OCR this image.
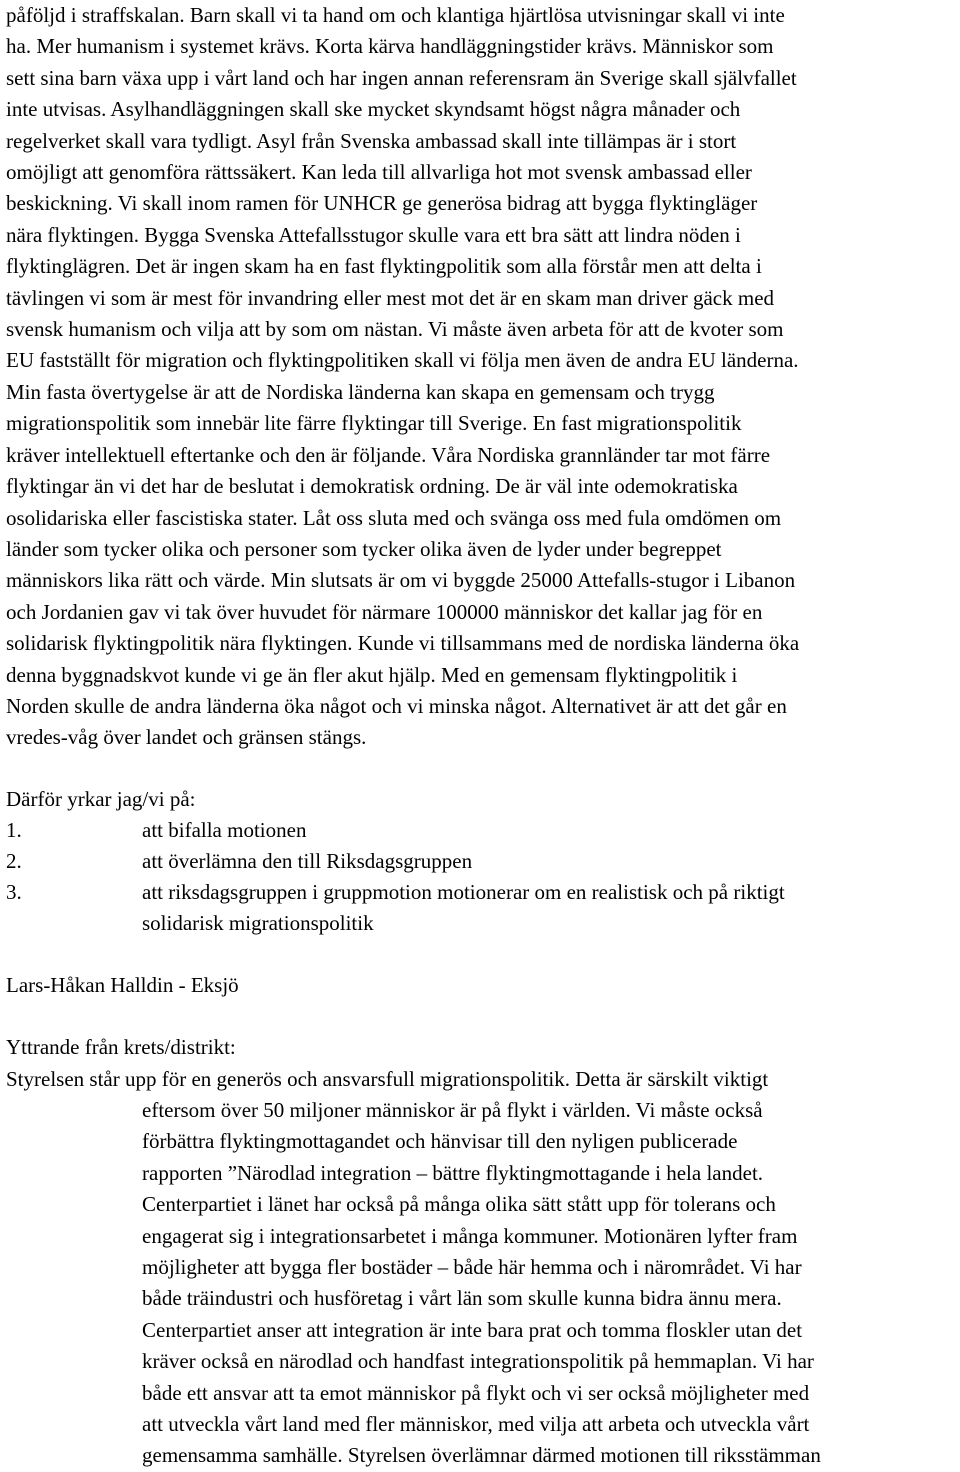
påföljd i straffskalan. Barn skall vi ta hand om och klantiga hjärtlösa utvisningar skall vi inte
ha. Mer humanism i systemet krävs. Korta kärva handläggningstider krävs. Människor som
sett sina barn växa upp i vårt land och har ingen annan referensram än Sverige skall självfallet
inte utvisas. Asylhandläggningen skall ske mycket skyndsamt högst några månader och
regelverket skall vara tydligt. Asyl från Svenska ambassad skall inte tillämpas är i stort
omöjligt att genomföra rättssäkert. Kan leda till allvarliga hot mot svensk ambassad eller
beskickning. Vi skall inom ramen för UNHCR ge generösa bidrag att bygga flyktingläger
nära flyktingen. Bygga Svenska Attefallsstugor skulle vara ett bra sätt att lindra nöden i
flyktinglägren. Det är ingen skam ha en fast flyktingpolitik som alla förstår men att delta i
tävlingen vi som är mest för invandring eller mest mot det är en skam man driver gäck med
svensk humanism och vilja att by som om nästan. Vi måste även arbeta för att de kvoter som
EU fastställt för migration och flyktingpolitiken skall vi följa men även de andra EU länderna.
Min fasta övertygelse är att de Nordiska länderna kan skapa en gemensam och trygg
migrationspolitik som innebär lite färre flyktingar till Sverige. En fast migrationspolitik
kräver intellektuell eftertanke och den är följande. Våra Nordiska grannländer tar mot färre
flyktingar än vi det har de beslutat i demokratisk ordning. De är väl inte odemokratiska
osolidariska eller fascistiska stater. Låt oss sluta med och svänga oss med fula omdömen om
länder som tycker olika och personer som tycker olika även de lyder under begreppet
människors lika rätt och värde. Min slutsats är om vi byggde 25000 Attefalls-stugor i Libanon
och Jordanien gav vi tak över huvudet för närmare 100000 människor det kallar jag för en
solidarisk flyktingpolitik nära flyktingen. Kunde vi tillsammans med de nordiska länderna öka
denna byggnadskvot kunde vi ge än fler akut hjälp. Med en gemensam flyktingpolitik i
Norden skulle de andra länderna öka något och vi minska något. Alternativet är att det går en
vredes-våg över landet och gränsen stängs.

Därför yrkar jag/vi på:

1.	att bifalla motionen
2.	att överlämna den till Riksdagsgruppen
3.	att riksdagsgruppen i gruppmotion motionerar om en realistisk och på riktigt
solidarisk migrationspolitik

Lars-Håkan Halldin - Eksjö

Yttrande från krets/distrikt:

Styrelsen står upp för en generös och ansvarsfull migrationspolitik. Detta är särskilt viktigt

eftersom över 50 miljoner människor är på flykt i världen. Vi måste också
förbättra flyktingmottagandet och hänvisar till den nyligen publicerade
rapporten ”Närodlad integration – bättre flyktingmottagande i hela landet.
Centerpartiet i länet har också på många olika sätt stått upp för tolerans och
engagerat sig i integrationsarbetet i många kommuner. Motionären lyfter fram
möjligheter att bygga fler bostäder – både här hemma och i närområdet. Vi har
både träindustri och husföretag i vårt län som skulle kunna bidra ännu mera.
Centerpartiet anser att integration är inte bara prat och tomma floskler utan det
kräver också en närodlad och handfast integrationspolitik på hemmaplan. Vi har
både ett ansvar att ta emot människor på flykt och vi ser också möjligheter med
att utveckla vårt land med fler människor, med vilja att arbeta och utveckla vårt
gemensamma samhälle. Styrelsen överlämnar därmed motionen till riksstämman
